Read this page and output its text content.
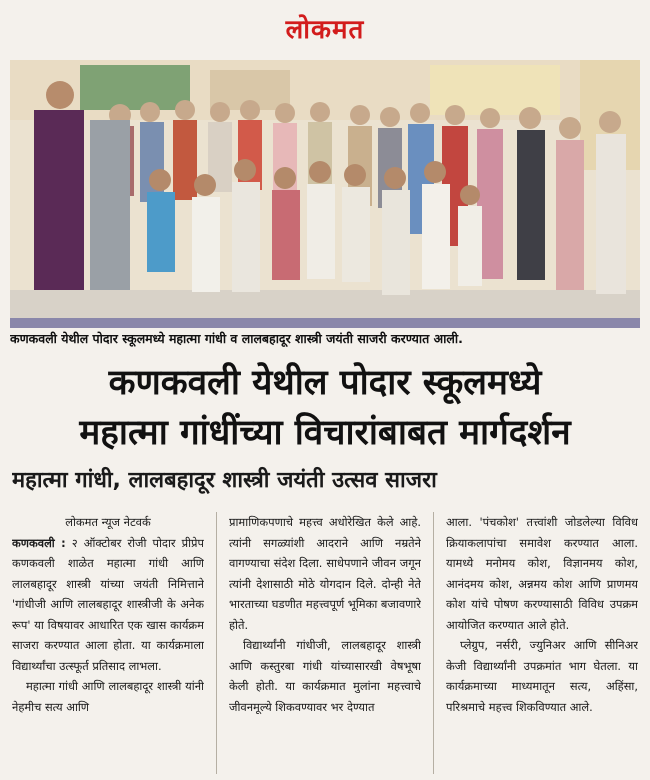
लोकमत
कणकवली येथील पोदार स्कूलमध्ये महात्मा गांधी व लालबहादूर शास्त्री जयंती साजरी करण्यात आली.
कणकवली येथील पोदार स्कूलमध्ये
महात्मा गांधींच्या विचारांबाबत मार्गदर्शन
महात्मा गांधी, लालबहादूर शास्त्री जयंती उत्सव साजरा

लोकमत न्यूज नेटवर्क

कणकवली : २ ऑक्टोबर रोजी पोदार प्रीप्रेप कणकवली शाळेत महात्मा गांधी आणि लालबहादूर शास्त्री यांच्या जयंती निमित्ताने 'गांधीजी आणि लालबहादूर शास्त्रीजी के अनेक रूप' या विषयावर आधारित एक खास कार्यक्रम साजरा करण्यात आला होता. या कार्यक्रमाला विद्यार्थ्यांचा उत्स्फूर्त प्रतिसाद लाभला.

महात्मा गांधी आणि लालबहादूर शास्त्री यांनी नेहमीच सत्य आणि

प्रामाणिकपणाचे महत्त्व अधोरेखित केले आहे. त्यांनी सगळ्यांशी आदराने आणि नम्रतेने वागण्याचा संदेश दिला. साधेपणाने जीवन जगून त्यांनी देशासाठी मोठे योगदान दिले. दोन्ही नेते भारताच्या घडणीत महत्त्वपूर्ण भूमिका बजावणारे होते.

विद्यार्थ्यांनी गांधीजी, लालबहादूर शास्त्री आणि कस्तुरबा गांधी यांच्यासारखी वेषभूषा केली होती. या कार्यक्रमात मुलांना महत्त्वाचे जीवनमूल्ये शिकवण्यावर भर देण्यात

आला. 'पंचकोश' तत्त्वांशी जोडलेल्या विविध क्रियाकलापांचा समावेश करण्यात आला. यामध्ये मनोमय कोश, विज्ञानमय कोश, आनंदमय कोश, अन्नमय कोश आणि प्राणमय कोश यांचे पोषण करण्यासाठी विविध उपक्रम आयोजित करण्यात आले होते.

प्लेग्रुप, नर्सरी, ज्युनिअर आणि सीनिअर केजी विद्यार्थ्यांनी उपक्रमांत भाग घेतला. या कार्यक्रमाच्या माध्यमातून सत्य, अहिंसा, परिश्रमाचे महत्त्व शिकविण्यात आले.
